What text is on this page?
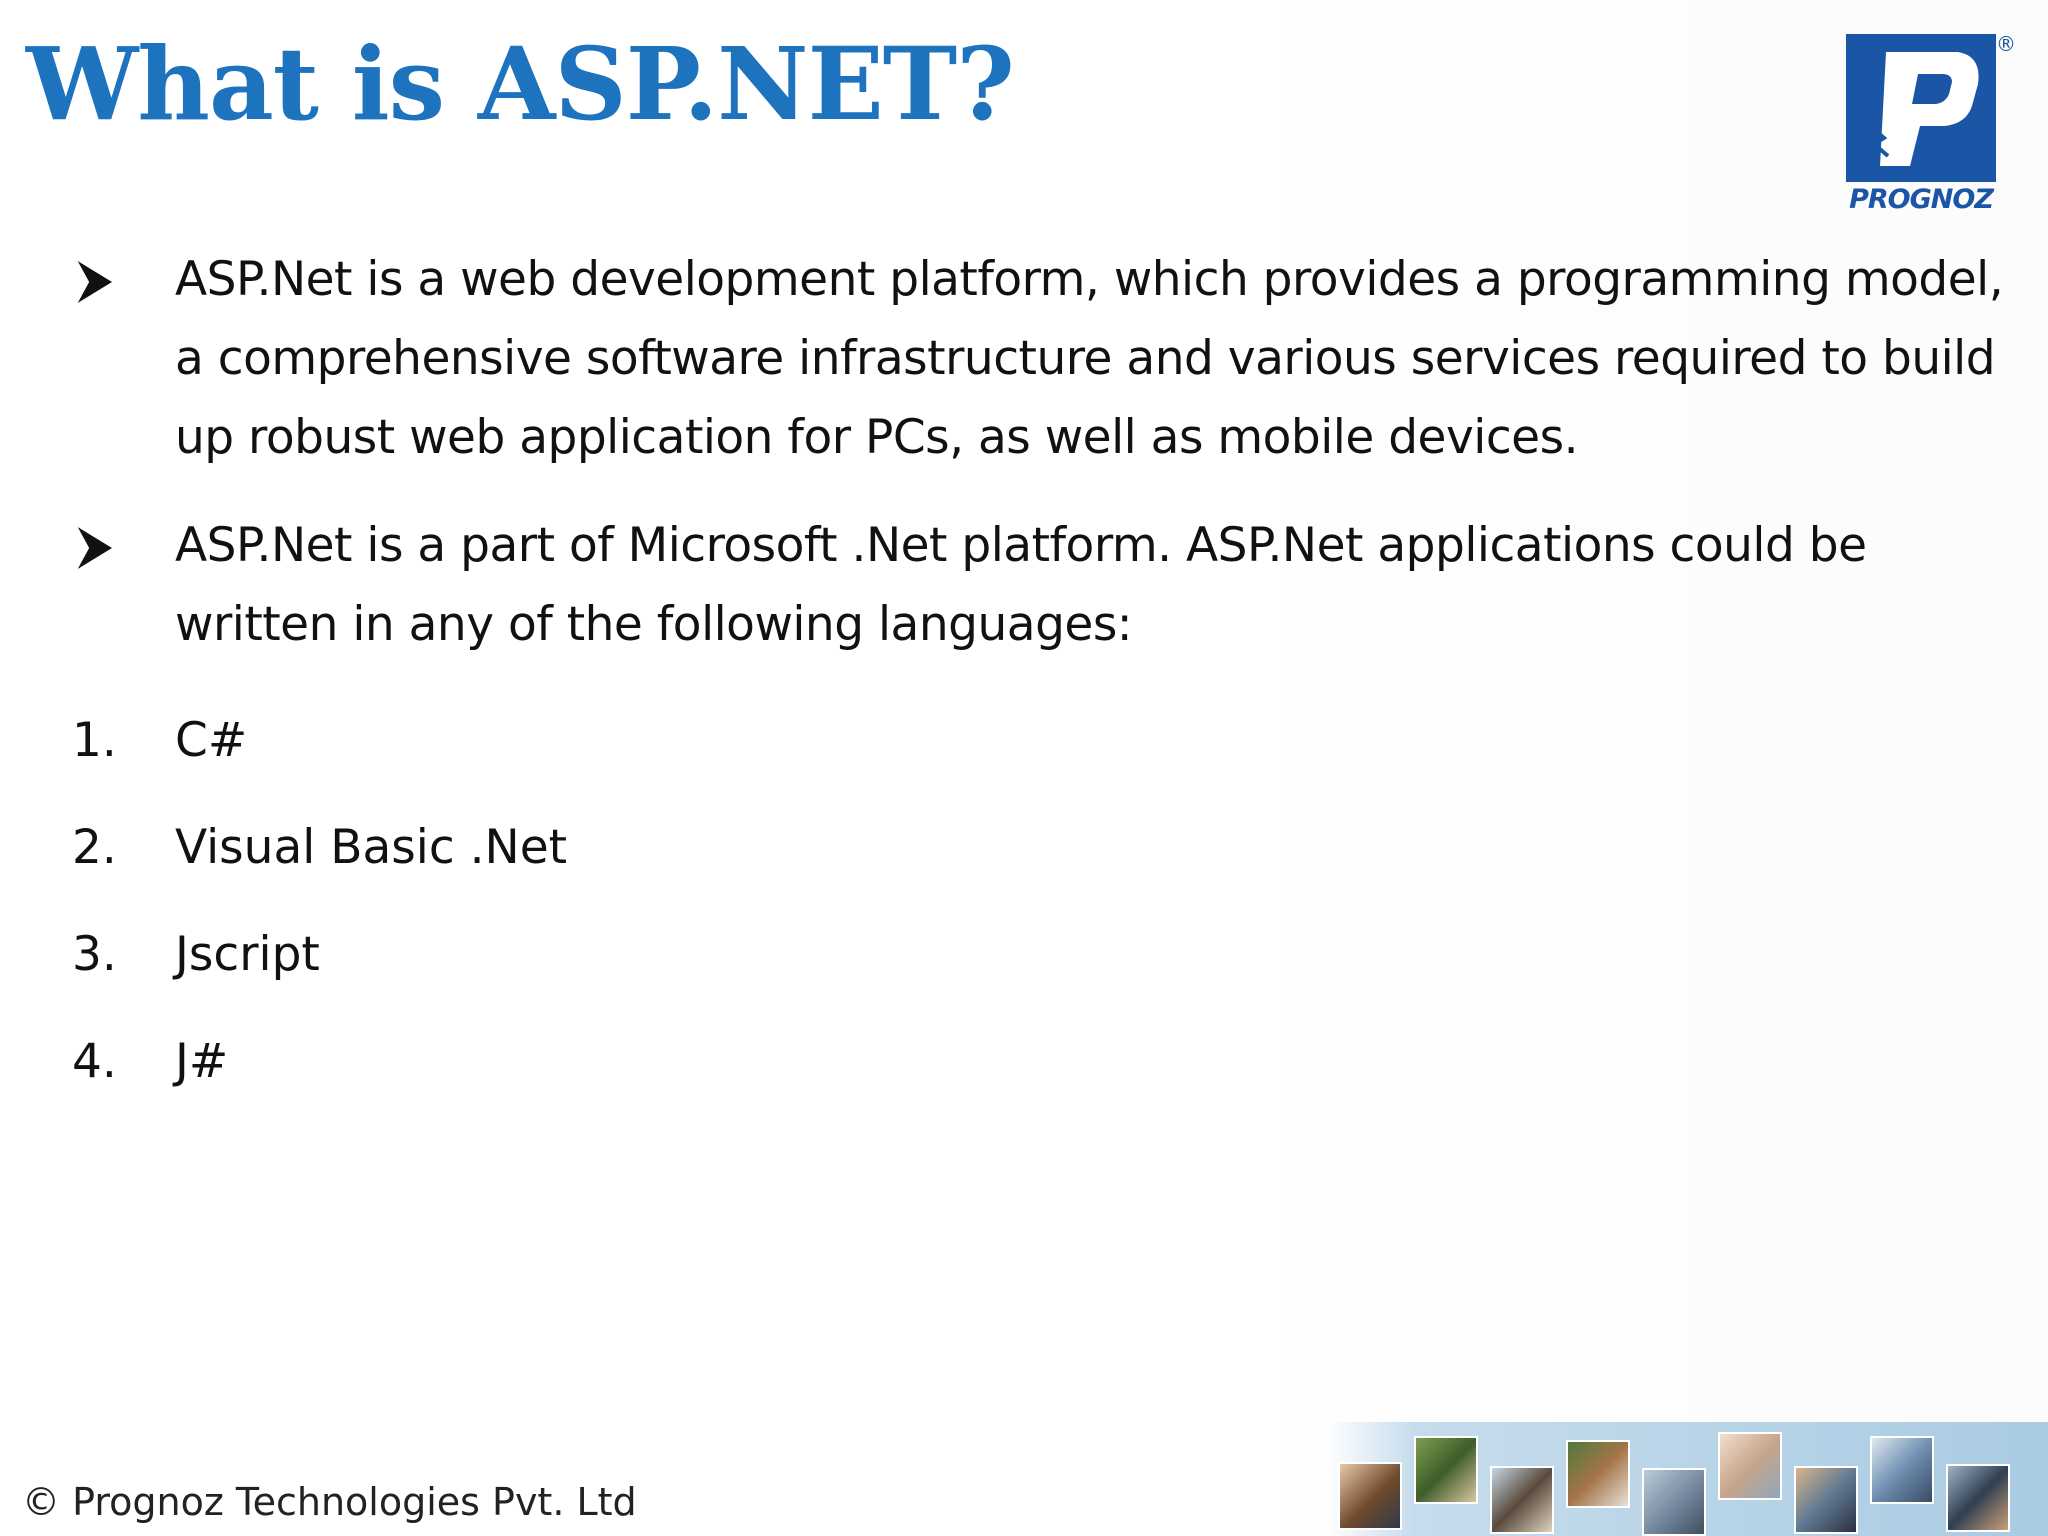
What is ASP.NET?	®
PROGNOZ

ASP.Net is a web development platform, which provides a programming model,
a comprehensive software infrastructure and various services required to build
up robust web application for PCs, as well as mobile devices.

ASP.Net is a part of Microsoft .Net platform. ASP.Net applications could be
written in any of the following languages:

1. C#
2. Visual Basic .Net
3. Jscript
4. J#
© Prognoz Technologies Pvt. Ltd
